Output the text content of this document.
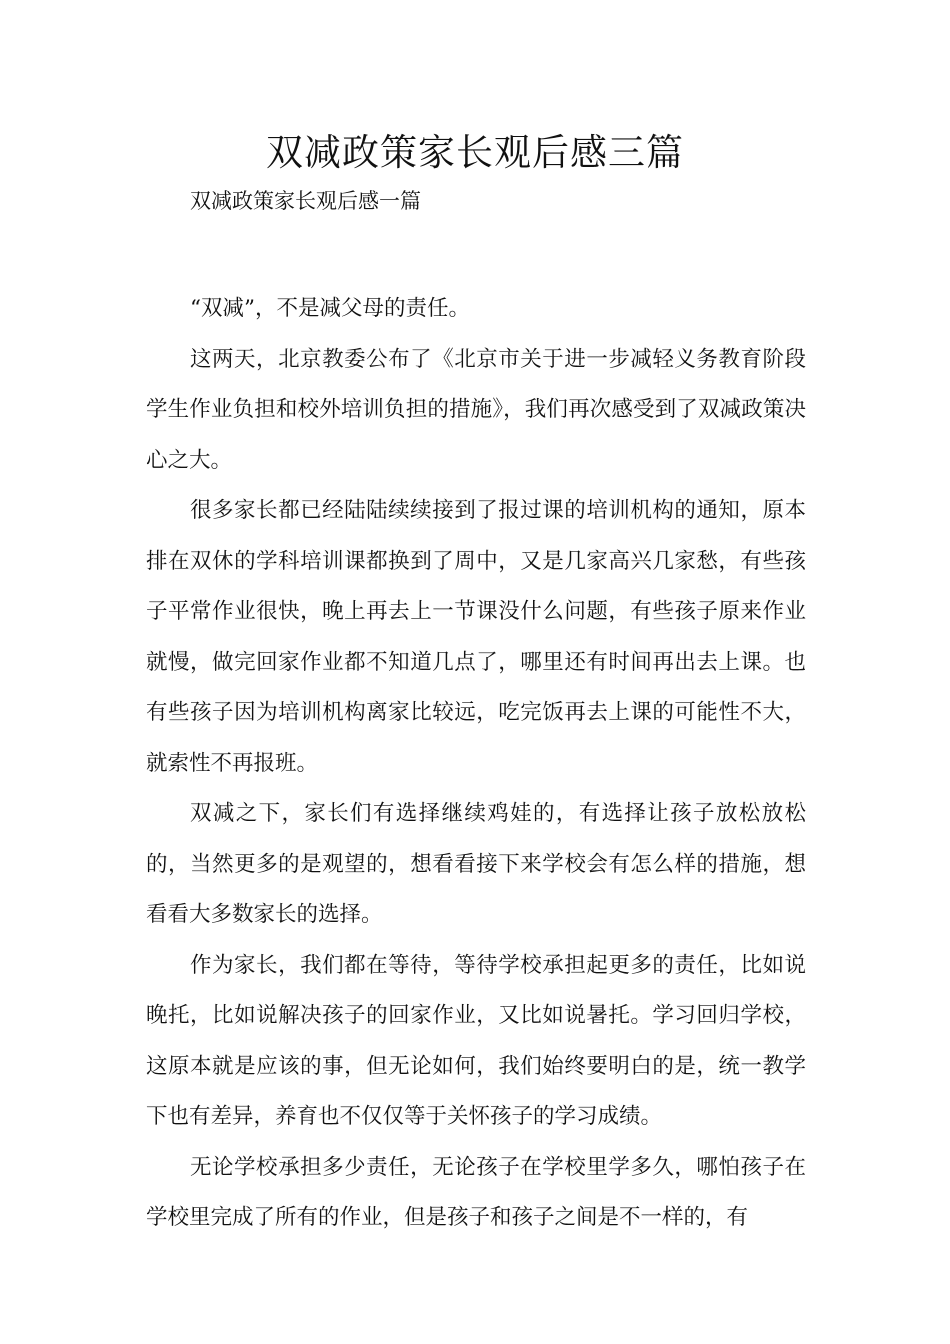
双减政策家长观后感三篇

双减政策家长观后感一篇

“双减”，不是减父母的责任。

这两天，北京教委公布了《北京市关于进一步减轻义务教育阶段学生作业负担和校外培训负担的措施》，我们再次感受到了双减政策决心之大。

很多家长都已经陆陆续续接到了报过课的培训机构的通知，原本排在双休的学科培训课都换到了周中，又是几家高兴几家愁，有些孩子平常作业很快，晚上再去上一节课没什么问题，有些孩子原来作业就慢，做完回家作业都不知道几点了，哪里还有时间再出去上课。也有些孩子因为培训机构离家比较远，吃完饭再去上课的可能性不大，就索性不再报班。

双减之下，家长们有选择继续鸡娃的，有选择让孩子放松放松的，当然更多的是观望的，想看看接下来学校会有怎么样的措施，想看看大多数家长的选择。

作为家长，我们都在等待，等待学校承担起更多的责任，比如说晚托，比如说解决孩子的回家作业，又比如说暑托。学习回归学校，这原本就是应该的事，但无论如何，我们始终要明白的是，统一教学下也有差异，养育也不仅仅等于关怀孩子的学习成绩。

无论学校承担多少责任，无论孩子在学校里学多久，哪怕孩子在学校里完成了所有的作业，但是孩子和孩子之间是不一样的，有
